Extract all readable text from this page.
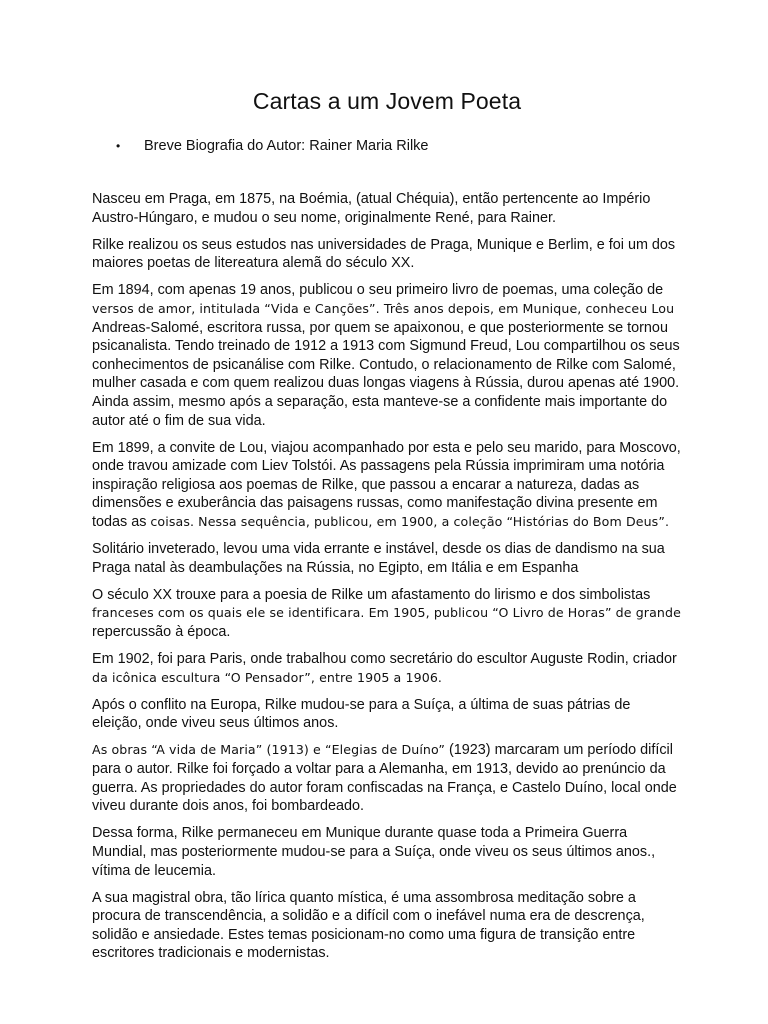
Cartas a um Jovem Poeta
•	Breve Biografia do Autor: Rainer Maria Rilke

Nasceu em Praga, em 1875, na Boémia, (atual Chéquia), então pertencente ao Império Austro-Húngaro, e mudou o seu nome, originalmente René, para Rainer.

Rilke realizou os seus estudos nas universidades de Praga, Munique e Berlim, e foi um dos maiores poetas de litereatura alemã do século XX.

Em 1894, com apenas 19 anos, publicou o seu primeiro livro de poemas, uma coleção de versos de amor, intitulada “Vida e Canções”. Três anos depois, em Munique, conheceu Lou Andreas-Salomé, escritora russa, por quem se apaixonou, e que posteriormente se tornou psicanalista. Tendo treinado de 1912 a 1913 com Sigmund Freud, Lou compartilhou os seus conhecimentos de psicanálise com Rilke. Contudo, o relacionamento de Rilke com Salomé, mulher casada e com quem realizou duas longas viagens à Rússia, durou apenas até 1900. Ainda assim, mesmo após a separação, esta manteve-se a confidente mais importante do autor até o fim de sua vida.

Em 1899, a convite de Lou, viajou acompanhado por esta e pelo seu marido, para Moscovo, onde travou amizade com Liev Tolstói. As passagens pela Rússia imprimiram uma notória inspiração religiosa aos poemas de Rilke, que passou a encarar a natureza, dadas as dimensões e exuberância das paisagens russas, como manifestação divina presente em todas as coisas. Nessa sequência, publicou, em 1900, a coleção “Histórias do Bom Deus”.

Solitário inveterado, levou uma vida errante e instável, desde os dias de dandismo na sua Praga natal às deambulações na Rússia, no Egipto, em Itália e em Espanha

O século XX trouxe para a poesia de Rilke um afastamento do lirismo e dos simbolistas franceses com os quais ele se identificara. Em 1905, publicou “O Livro de Horas” de grande repercussão à época.

Em 1902, foi para Paris, onde trabalhou como secretário do escultor Auguste Rodin, criador da icônica escultura “O Pensador”, entre 1905 a 1906.

Após o conflito na Europa, Rilke mudou-se para a Suíça, a última de suas pátrias de eleição, onde viveu seus últimos anos.

As obras “A vida de Maria” (1913) e “Elegias de Duíno” (1923) marcaram um período difícil para o autor. Rilke foi forçado a voltar para a Alemanha, em 1913, devido ao prenúncio da guerra. As propriedades do autor foram confiscadas na França, e Castelo Duíno, local onde viveu durante dois anos, foi bombardeado.

Dessa forma, Rilke permaneceu em Munique durante quase toda a Primeira Guerra Mundial, mas posteriormente mudou-se para a Suíça, onde viveu os seus últimos anos., vítima de leucemia.

A sua magistral obra, tão lírica quanto mística, é uma assombrosa meditação sobre a procura de transcendência, a solidão e a difícil com o inefável numa era de descrença, solidão e ansiedade. Estes temas posicionam-no como uma figura de transição entre escritores tradicionais e modernistas.
